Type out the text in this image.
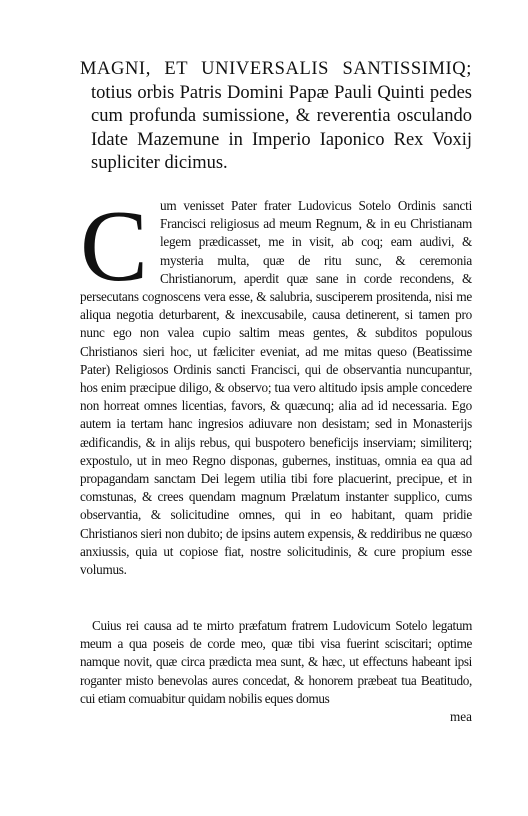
MAGNI, ET UNIVERSALIS SANTISSIMIQ; totius orbis Patris Domini Papæ Pauli Quinti pedes cum profunda sumissione, & reverentia osculando Idate Mazemune in Imperio Iaponico Rex Voxij supliciter dicimus.
C um venisset Pater frater Ludovicus Sotelo Ordinis sancti Francisci religiosus ad meum Regnum, & in eu Christianam legem prædicasset, me in visit, ab coq; eam audivi, & mysteria multa, quæ de ritu sunc, & ceremonia Christianorum, aperdit quæ sane in corde recondens, & persecutans cognoscens vera esse, & salubria, susciperem prositenda, nisi me aliqua negotia deturbarent, & inexcusabile, causa detinerent, si tamen pro nunc ego non valea cupio saltim meas gentes, & subditos populous Christianos sieri hoc, ut fæliciter eveniat, ad me mitas queso (Beatissime Pater) Religiosos Ordinis sancti Francisci, qui de observantia nuncupantur, hos enim præcipue diligo, & observo; tua vero altitudo ipsis ample concedere non horreat omnes licentias, favors, & quæcunq; alia ad id necessaria. Ego autem ia tertam hanc ingresios adiuvare non desistam; sed in Monasterijs ædificandis, & in alijs rebus, qui buspotero beneficijs inserviam; similiterq; expostulo, ut in meo Regno disponas, gubernes, instituas, omnia ea qua ad propagandam sanctam Dei legem utilia tibi fore placuerint, precipue, et in comstunas, & crees quendam magnum Prælatum instanter supplico, cums observantia, & solicitudine omnes, qui in eo habitant, quam pridie Christianos sieri non dubito; de ipsins autem expensis, & reddiribus ne quæso anxiussis, quia ut copiose fiat, nostre solicitudinis, & cure propium esse volumus.
Cuius rei causa ad te mirto præfatum fratrem Ludovicum Sotelo legatum meum a qua poseis de corde meo, quæ tibi visa fuerint sciscitari; optime namque novit, quæ circa prædicta mea sunt, & hæc, ut effectuns habeant ipsi roganter misto benevolas aures concedat, & honorem præbeat tua Beatitudo, cui etiam comuabitur quidam nobilis eques domus
mea
